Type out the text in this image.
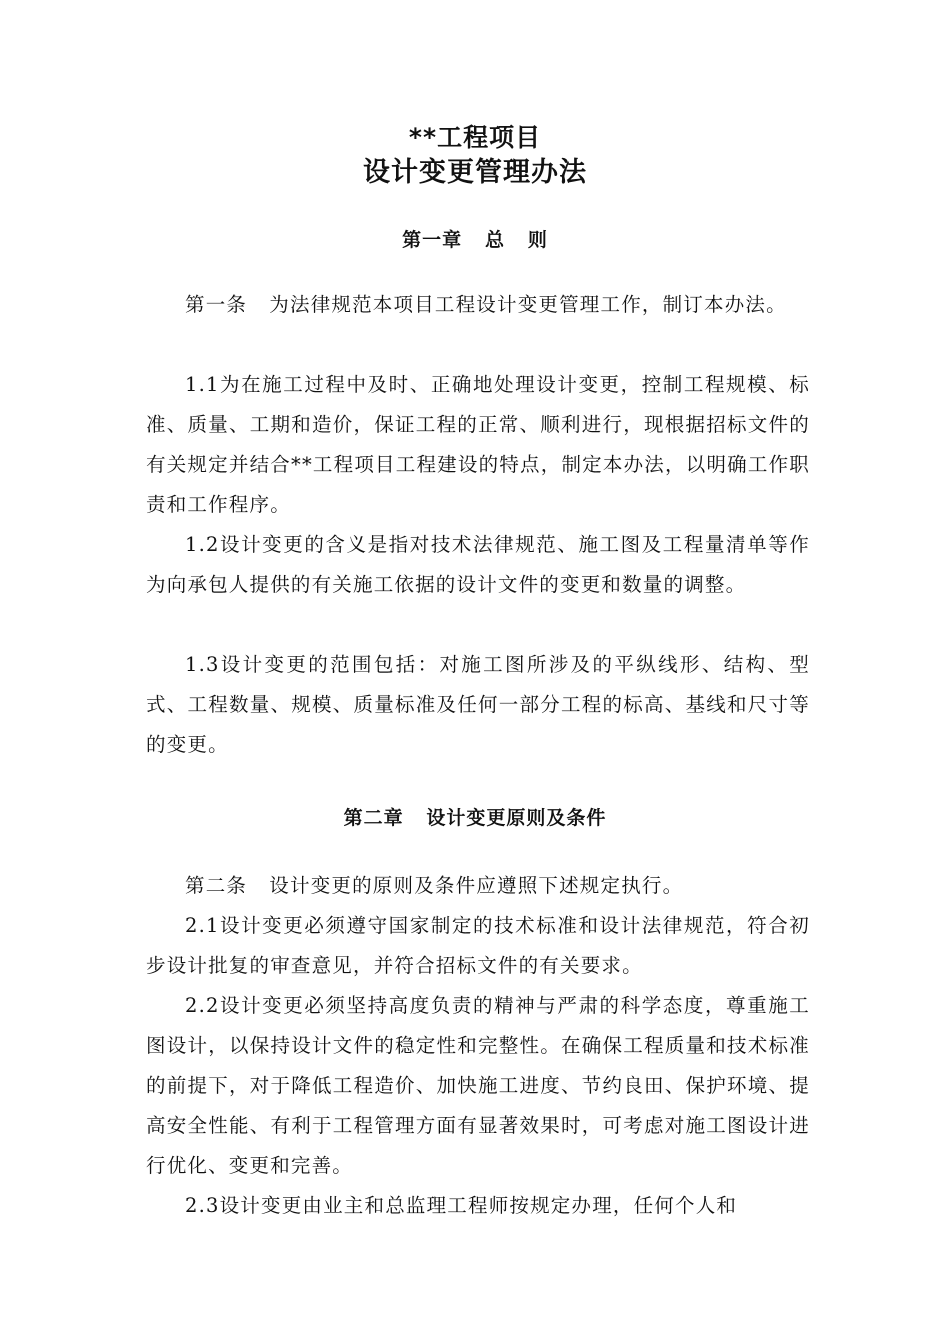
**工程项目
设计变更管理办法
第一章   总   则

第一条   为法律规范本项目工程设计变更管理工作，制订本办法。

1.1为在施工过程中及时、正确地处理设计变更，控制工程规模、标准、质量、工期和造价，保证工程的正常、顺利进行，现根据招标文件的有关规定并结合**工程项目工程建设的特点，制定本办法，以明确工作职责和工作程序。

1.2设计变更的含义是指对技术法律规范、施工图及工程量清单等作为向承包人提供的有关施工依据的设计文件的变更和数量的调整。

1.3设计变更的范围包括：对施工图所涉及的平纵线形、结构、型式、工程数量、规模、质量标准及任何一部分工程的标高、基线和尺寸等的变更。

第二章   设计变更原则及条件

第二条   设计变更的原则及条件应遵照下述规定执行。

2.1设计变更必须遵守国家制定的技术标准和设计法律规范，符合初步设计批复的审查意见，并符合招标文件的有关要求。

2.2设计变更必须坚持高度负责的精神与严肃的科学态度，尊重施工图设计，以保持设计文件的稳定性和完整性。在确保工程质量和技术标准的前提下，对于降低工程造价、加快施工进度、节约良田、保护环境、提高安全性能、有利于工程管理方面有显著效果时，可考虑对施工图设计进行优化、变更和完善。

2.3设计变更由业主和总监理工程师按规定办理，任何个人和
